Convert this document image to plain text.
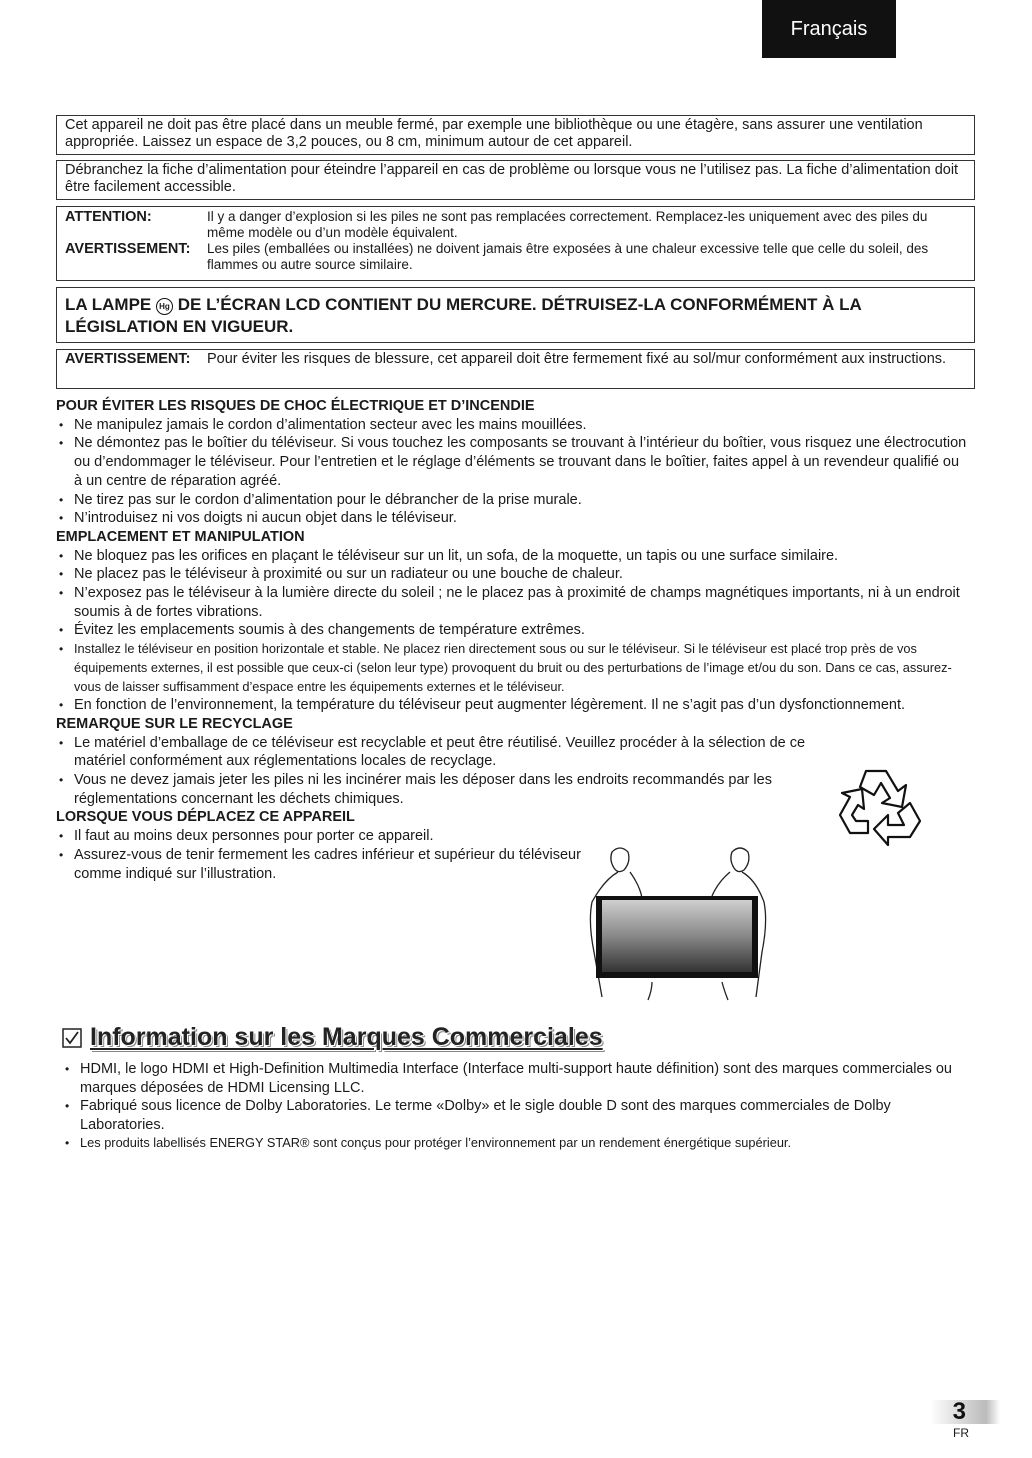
Français

Cet appareil ne doit pas être placé dans un meuble fermé, par exemple une bibliothèque ou une étagère, sans assurer une ventilation appropriée. Laissez un espace de 3,2 pouces, ou 8 cm, minimum autour de cet appareil.

Débranchez la fiche d’alimentation pour éteindre l’appareil en cas de problème ou lorsque vous ne l’utilisez pas. La fiche d’alimentation doit être facilement accessible.

ATTENTION:	Il y a danger d’explosion si les piles ne sont pas remplacées correctement. Remplacez-les uniquement avec des piles du même modèle ou d’un modèle équivalent.
AVERTISSEMENT:	Les piles (emballées ou installées) ne doivent jamais être exposées à une chaleur excessive telle que celle du soleil, des flammes ou autre source similaire.
LA LAMPE Hg DE L’ÉCRAN LCD CONTIENT DU MERCURE. DÉTRUISEZ-LA CONFORMÉMENT À LA LÉGISLATION EN VIGUEUR.
AVERTISSEMENT:	Pour éviter les risques de blessure, cet appareil doit être fermement fixé au sol/mur conformément aux instructions.

POUR ÉVITER LES RISQUES DE CHOC ÉLECTRIQUE ET D’INCENDIE

• Ne manipulez jamais le cordon d’alimentation secteur avec les mains mouillées.
• Ne démontez pas le boîtier du téléviseur. Si vous touchez les composants se trouvant à l’intérieur du boîtier, vous risquez une électrocution ou d’endommager le téléviseur. Pour l’entretien et le réglage d’éléments se trouvant dans le boîtier, faites appel à un revendeur qualifié ou à un centre de réparation agréé.
• Ne tirez pas sur le cordon d’alimentation pour le débrancher de la prise murale.
• N’introduisez ni vos doigts ni aucun objet dans le téléviseur.

EMPLACEMENT ET MANIPULATION

• Ne bloquez pas les orifices en plaçant le téléviseur sur un lit, un sofa, de la moquette, un tapis ou une surface similaire.
• Ne placez pas le téléviseur à proximité ou sur un radiateur ou une bouche de chaleur.
• N’exposez pas le téléviseur à la lumière directe du soleil ; ne le placez pas à proximité de champs magnétiques importants, ni à un endroit soumis à de fortes vibrations.
• Évitez les emplacements soumis à des changements de température extrêmes.
• Installez le téléviseur en position horizontale et stable. Ne placez rien directement sous ou sur le téléviseur. Si le téléviseur est placé trop près de vos équipements externes, il est possible que ceux-ci (selon leur type) provoquent du bruit ou des perturbations de l’image et/ou du son. Dans ce cas, assurez-vous de laisser suffisamment d’espace entre les équipements externes et le téléviseur.
• En fonction de l’environnement, la température du téléviseur peut augmenter légèrement. Il ne s’agit pas d’un dysfonctionnement.

REMARQUE SUR LE RECYCLAGE

• Le matériel d’emballage de ce téléviseur est recyclable et peut être réutilisé. Veuillez procéder à la sélection de ce matériel conformément aux réglementations locales de recyclage.
• Vous ne devez jamais jeter les piles ni les incinérer mais les déposer dans les endroits recommandés par les réglementations concernant les déchets chimiques.

LORSQUE VOUS DÉPLACEZ CE APPAREIL

• Il faut au moins deux personnes pour porter ce appareil.
• Assurez-vous de tenir fermement les cadres inférieur et supérieur du téléviseur comme indiqué sur l’illustration.
Information sur les Marques Commerciales
• HDMI, le logo HDMI et High-Definition Multimedia Interface (Interface multi-support haute définition) sont des marques commerciales ou marques déposées de HDMI Licensing LLC.
• Fabriqué sous licence de Dolby Laboratories. Le terme «Dolby» et le sigle double D sont des marques commerciales de Dolby Laboratories.
• Les produits labellisés ENERGY STAR® sont conçus pour protéger l’environnement par un rendement énergétique supérieur.
3
FR
